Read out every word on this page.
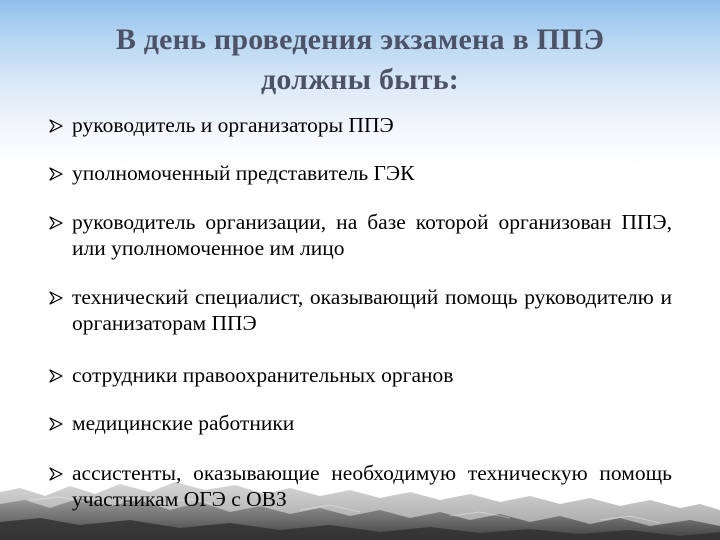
В день проведения экзамена в ППЭ
должны быть:
руководитель и организаторы ППЭ
уполномоченный представитель ГЭК
руководитель организации, на базе которой организован ППЭ, или уполномоченное им лицо
технический специалист, оказывающий помощь руководителю и организаторам ППЭ
сотрудники правоохранительных органов
медицинские работники
ассистенты, оказывающие необходимую техническую помощь участникам ОГЭ с ОВЗ
